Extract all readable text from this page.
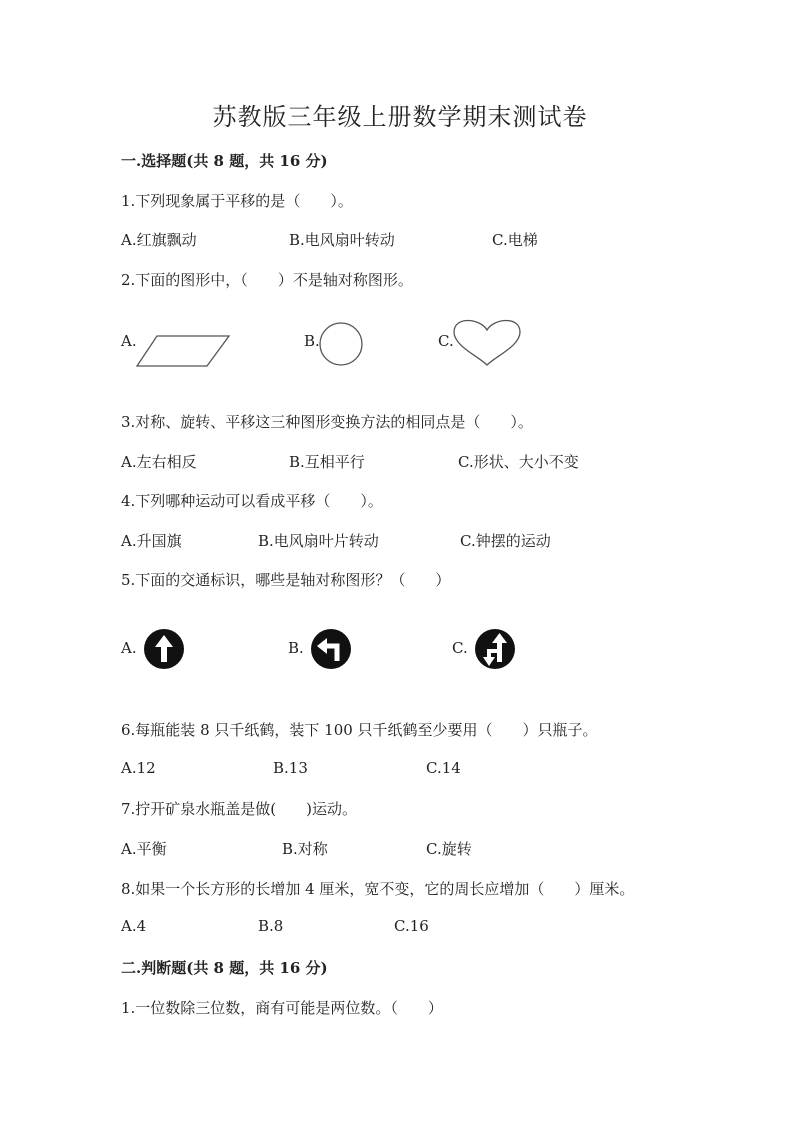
苏教版三年级上册数学期末测试卷
一.选择题(共 8 题，共 16 分)
1.下列现象属于平移的是（　　）。
A.红旗飘动	B.电风扇叶转动	C.电梯
2.下面的图形中，（　　）不是轴对称图形。
A.	B.	C.
3.对称、旋转、平移这三种图形变换方法的相同点是（　　）。
A.左右相反	B.互相平行	C.形状、大小不变
4.下列哪种运动可以看成平移（　　）。
A.升国旗	B.电风扇叶片转动	C.钟摆的运动
5.下面的交通标识，哪些是轴对称图形？（　　）
A.	B.	C.
6.每瓶能装 8 只千纸鹤，装下 100 只千纸鹤至少要用（　　）只瓶子。
A.12	B.13	C.14
7.拧开矿泉水瓶盖是做(　　)运动。
A.平衡	B.对称	C.旋转
8.如果一个长方形的长增加 4 厘米，宽不变，它的周长应增加（　　）厘米。
A.4	B.8	C.16
二.判断题(共 8 题，共 16 分)
1.一位数除三位数，商有可能是两位数。（　　）
